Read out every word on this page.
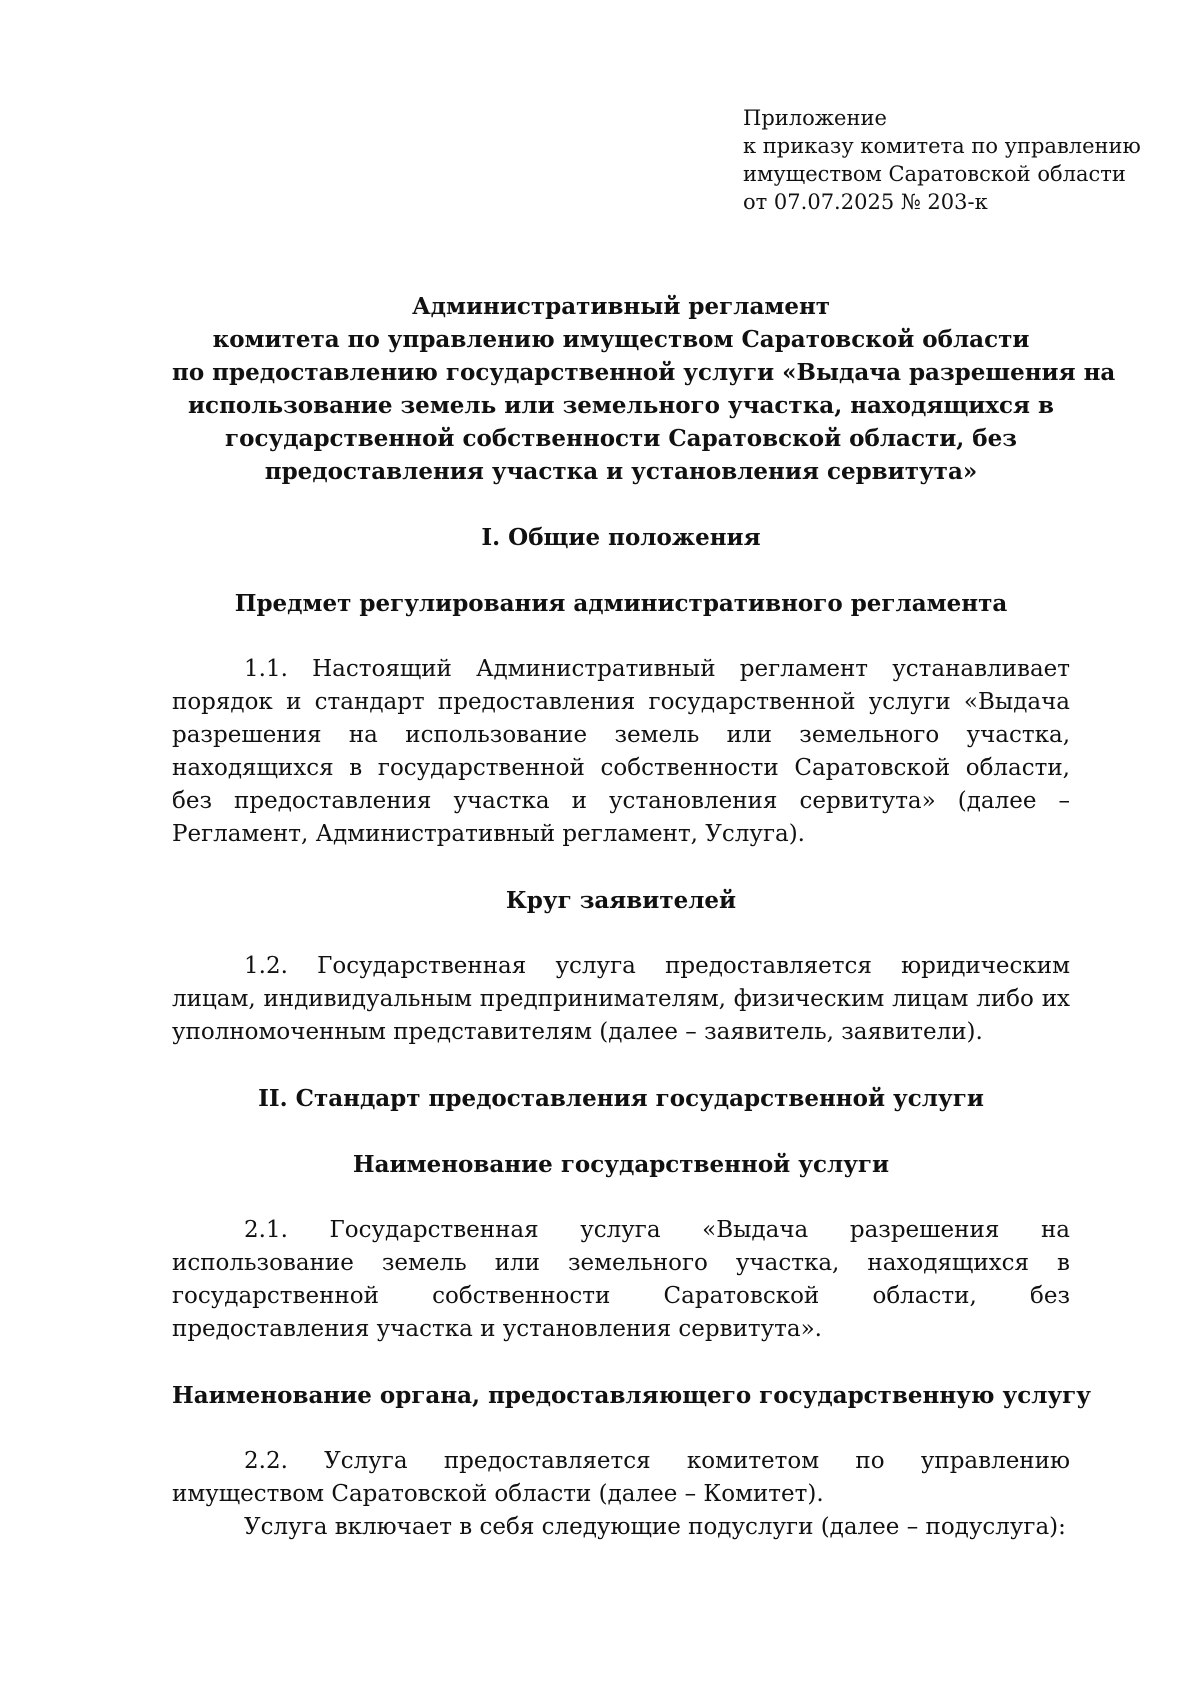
Приложение
к приказу комитета по управлению
имуществом Саратовской области
от 07.07.2025 № 203-к
Административный регламент
комитета по управлению имуществом Саратовской области
по предоставлению государственной услуги «Выдача разрешения на
использование земель или земельного участка, находящихся в
государственной собственности Саратовской области, без
предоставления участка и установления сервитута»
I. Общие положения
Предмет регулирования административного регламента

1.1. Настоящий Административный регламент устанавливает порядок и стандарт предоставления государственной услуги «Выдача разрешения на использование земель или земельного участка, находящихся в государственной собственности Саратовской области, без предоставления участка и установления сервитута» (далее – Регламент, Административный регламент, Услуга).

Круг заявителей

1.2. Государственная услуга предоставляется юридическим лицам, индивидуальным предпринимателям, физическим лицам либо их уполномоченным представителям (далее – заявитель, заявители).

II. Стандарт предоставления государственной услуги
Наименование государственной услуги

2.1. Государственная услуга «Выдача разрешения на использование земель или земельного участка, находящихся в государственной собственности Саратовской области, без предоставления участка и установления сервитута».

Наименование органа, предоставляющего государственную услугу

2.2. Услуга предоставляется комитетом по управлению имуществом Саратовской области (далее – Комитет).

Услуга включает в себя следующие подуслуги (далее – подуслуга):
